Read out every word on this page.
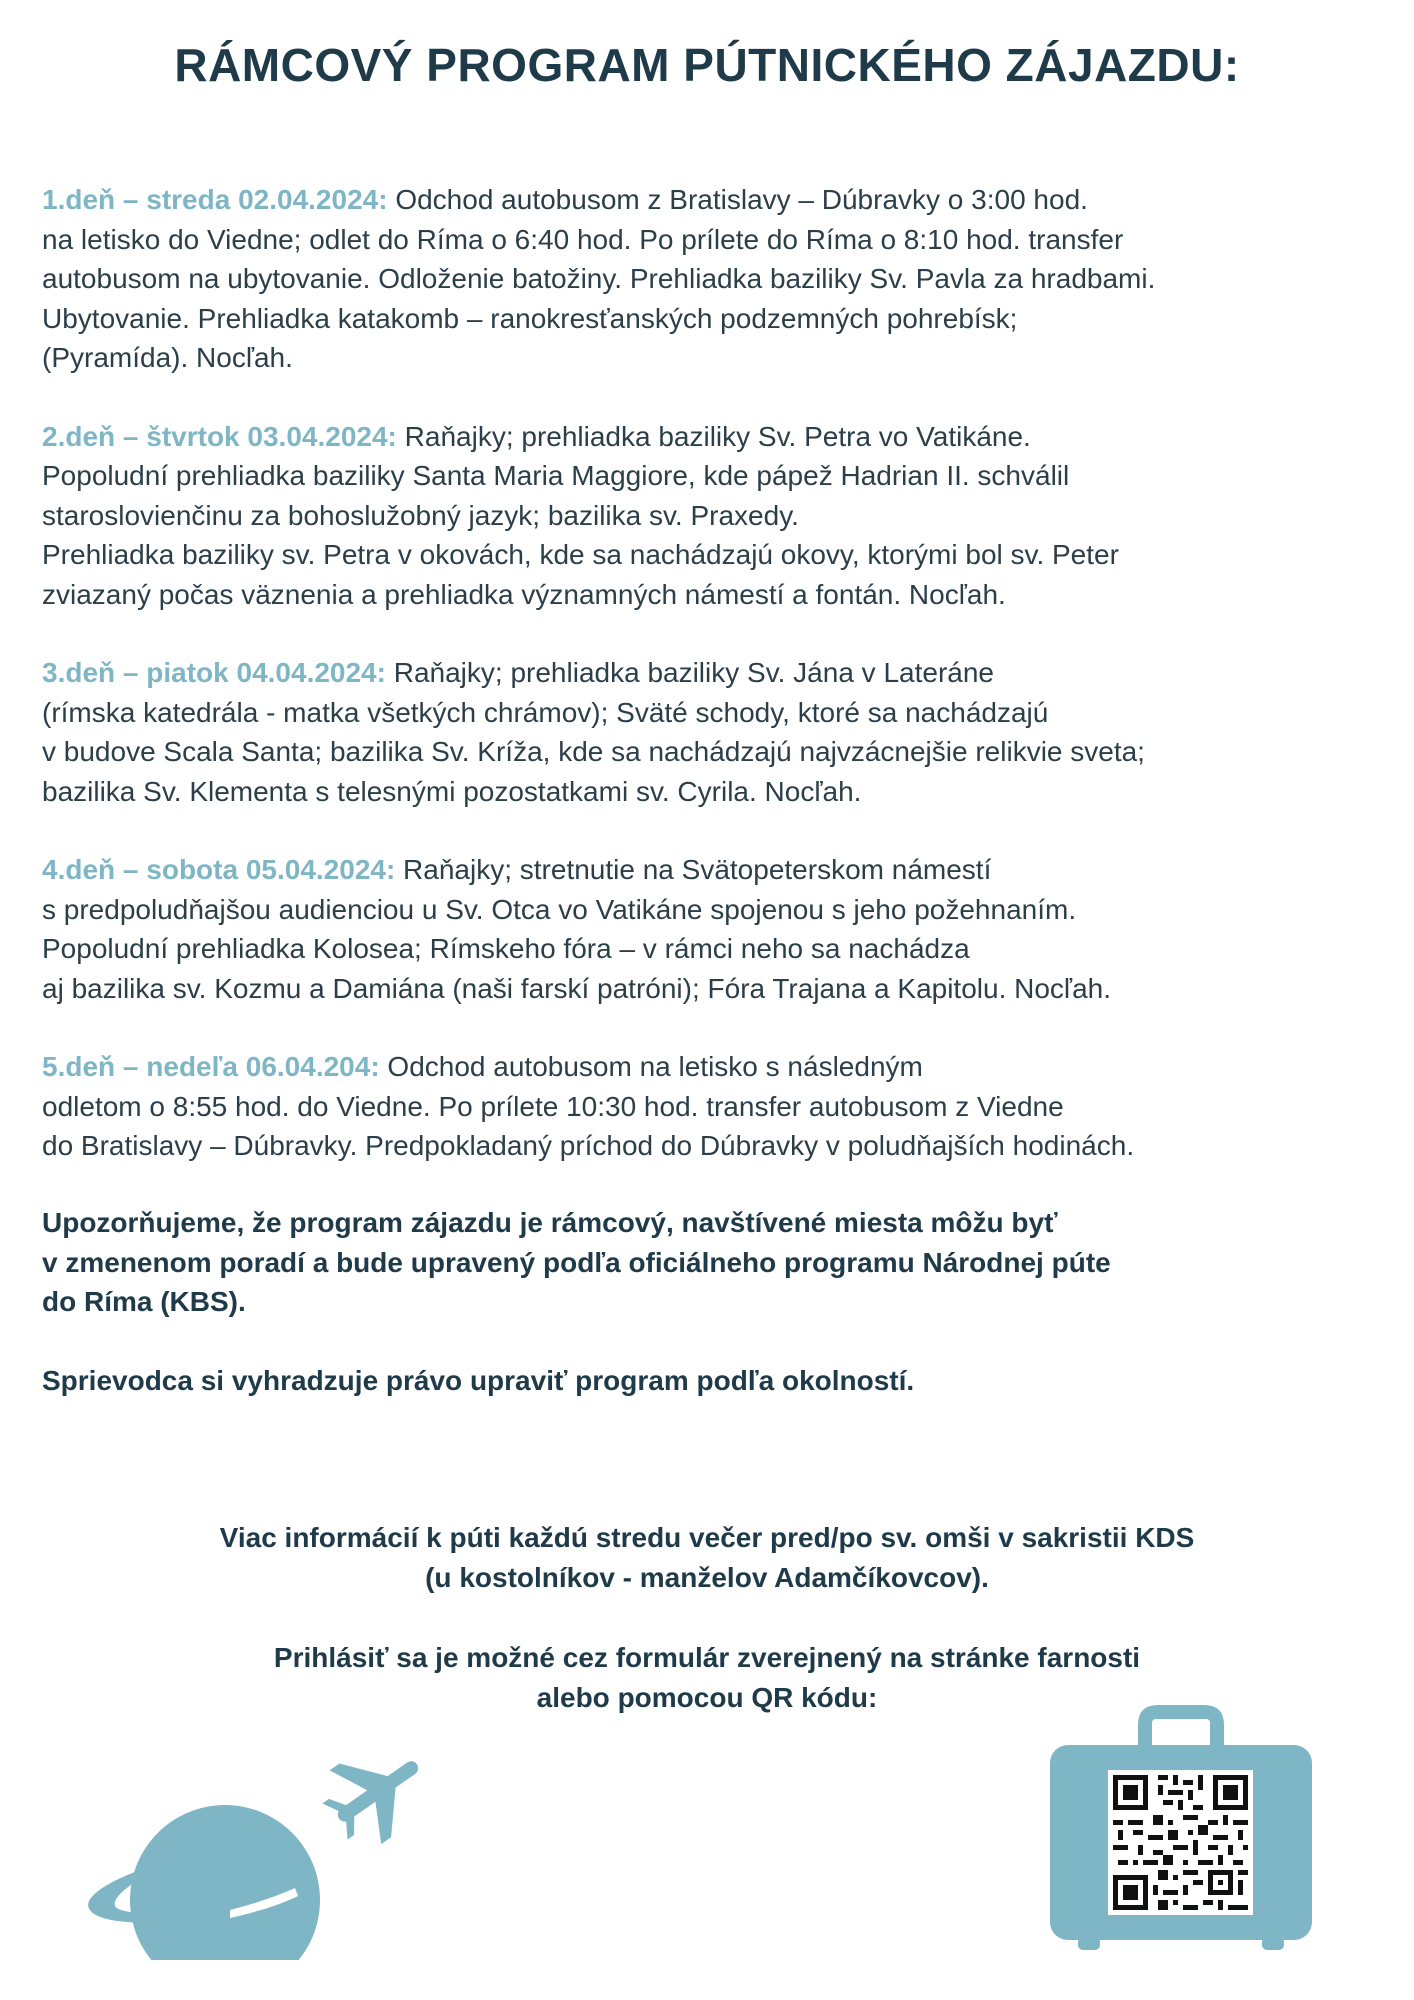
RÁMCOVÝ PROGRAM PÚTNICKÉHO ZÁJAZDU:

1.deň – streda 02.04.2024: Odchod autobusom z Bratislavy – Dúbravky o 3:00 hod.
na letisko do Viedne; odlet do Ríma o 6:40 hod. Po prílete do Ríma o 8:10 hod. transfer
autobusom na ubytovanie. Odloženie batožiny. Prehliadka baziliky Sv. Pavla za hradbami.
Ubytovanie. Prehliadka katakomb – ranokresťanských podzemných pohrebísk;
(Pyramída). Nocľah.

2.deň – štvrtok 03.04.2024: Raňajky; prehliadka baziliky Sv. Petra vo Vatikáne.
Popoludní prehliadka baziliky Santa Maria Maggiore, kde pápež Hadrian II. schválil
staroslovienčinu za bohoslužobný jazyk; bazilika sv. Praxedy.
Prehliadka baziliky sv. Petra v okovách, kde sa nachádzajú okovy, ktorými bol sv. Peter
zviazaný počas väznenia a prehliadka významných námestí a fontán. Nocľah.

3.deň – piatok 04.04.2024: Raňajky; prehliadka baziliky Sv. Jána v Lateráne
(rímska katedrála - matka všetkých chrámov); Sväté schody, ktoré sa nachádzajú
v budove Scala Santa; bazilika Sv. Kríža, kde sa nachádzajú najvzácnejšie relikvie sveta;
bazilika Sv. Klementa s telesnými pozostatkami sv. Cyrila. Nocľah.

4.deň – sobota 05.04.2024: Raňajky; stretnutie na Svätopeterskom námestí
s predpoludňajšou audienciou u Sv. Otca vo Vatikáne spojenou s jeho požehnaním.
Popoludní prehliadka Kolosea; Rímskeho fóra – v rámci neho sa nachádza
aj bazilika sv. Kozmu a Damiána (naši farskí patróni); Fóra Trajana a Kapitolu. Nocľah.

5.deň – nedeľa 06.04.204: Odchod autobusom na letisko s následným
odletom o 8:55 hod. do Viedne. Po prílete 10:30 hod. transfer autobusom z Viedne
do Bratislavy – Dúbravky. Predpokladaný príchod do Dúbravky v poludňajších hodinách.

Upozorňujeme, že program zájazdu je rámcový, navštívené miesta môžu byť
v zmenenom poradí a bude upravený podľa oficiálneho programu Národnej púte
do Ríma (KBS).

Sprievodca si vyhradzuje právo upraviť program podľa okolností.

Viac informácií k púti každú stredu večer pred/po sv. omši v sakristii KDS
(u kostolníkov - manželov Adamčíkovcov).

Prihlásiť sa je možné cez formulár zverejnený na stránke farnosti
alebo pomocou QR kódu:
